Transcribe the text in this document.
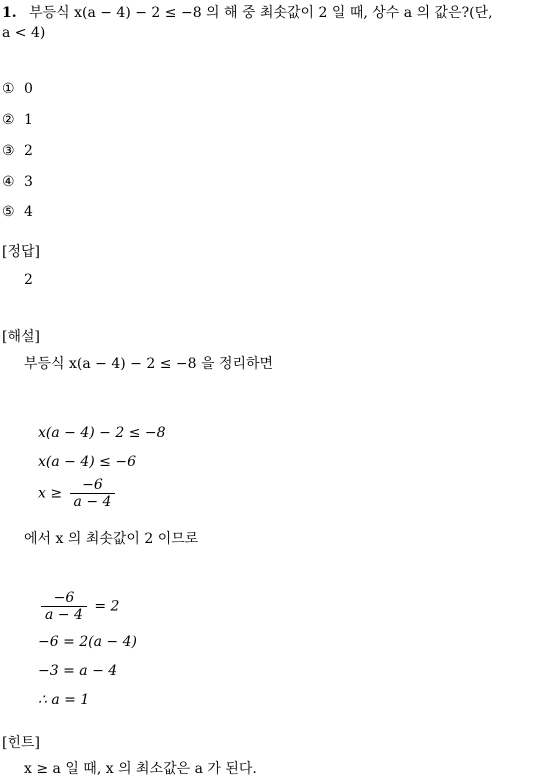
1. 부등식 x(a − 4) − 2 ≤ −8 의 해 중 최솟값이 2 일 때, 상수 a 의 값은?(단,
a < 4)
① 0
② 1
③ 2
④ 3
⑤ 4
[정답]
2
[해설]
부등식 x(a − 4) − 2 ≤ −8 을 정리하면
x(a − 4) − 2 ≤ −8
x(a − 4) ≤ −6
$x \ge \frac{-6}{a - 4}$
에서 x 의 최솟값이 2 이므로
$\frac{-6}{a - 4} = 2$
−6 = 2(a − 4)
−3 = a − 4
∴ a = 1
[힌트]
x ≥ a 일 때, x 의 최소값은 a 가 된다.
